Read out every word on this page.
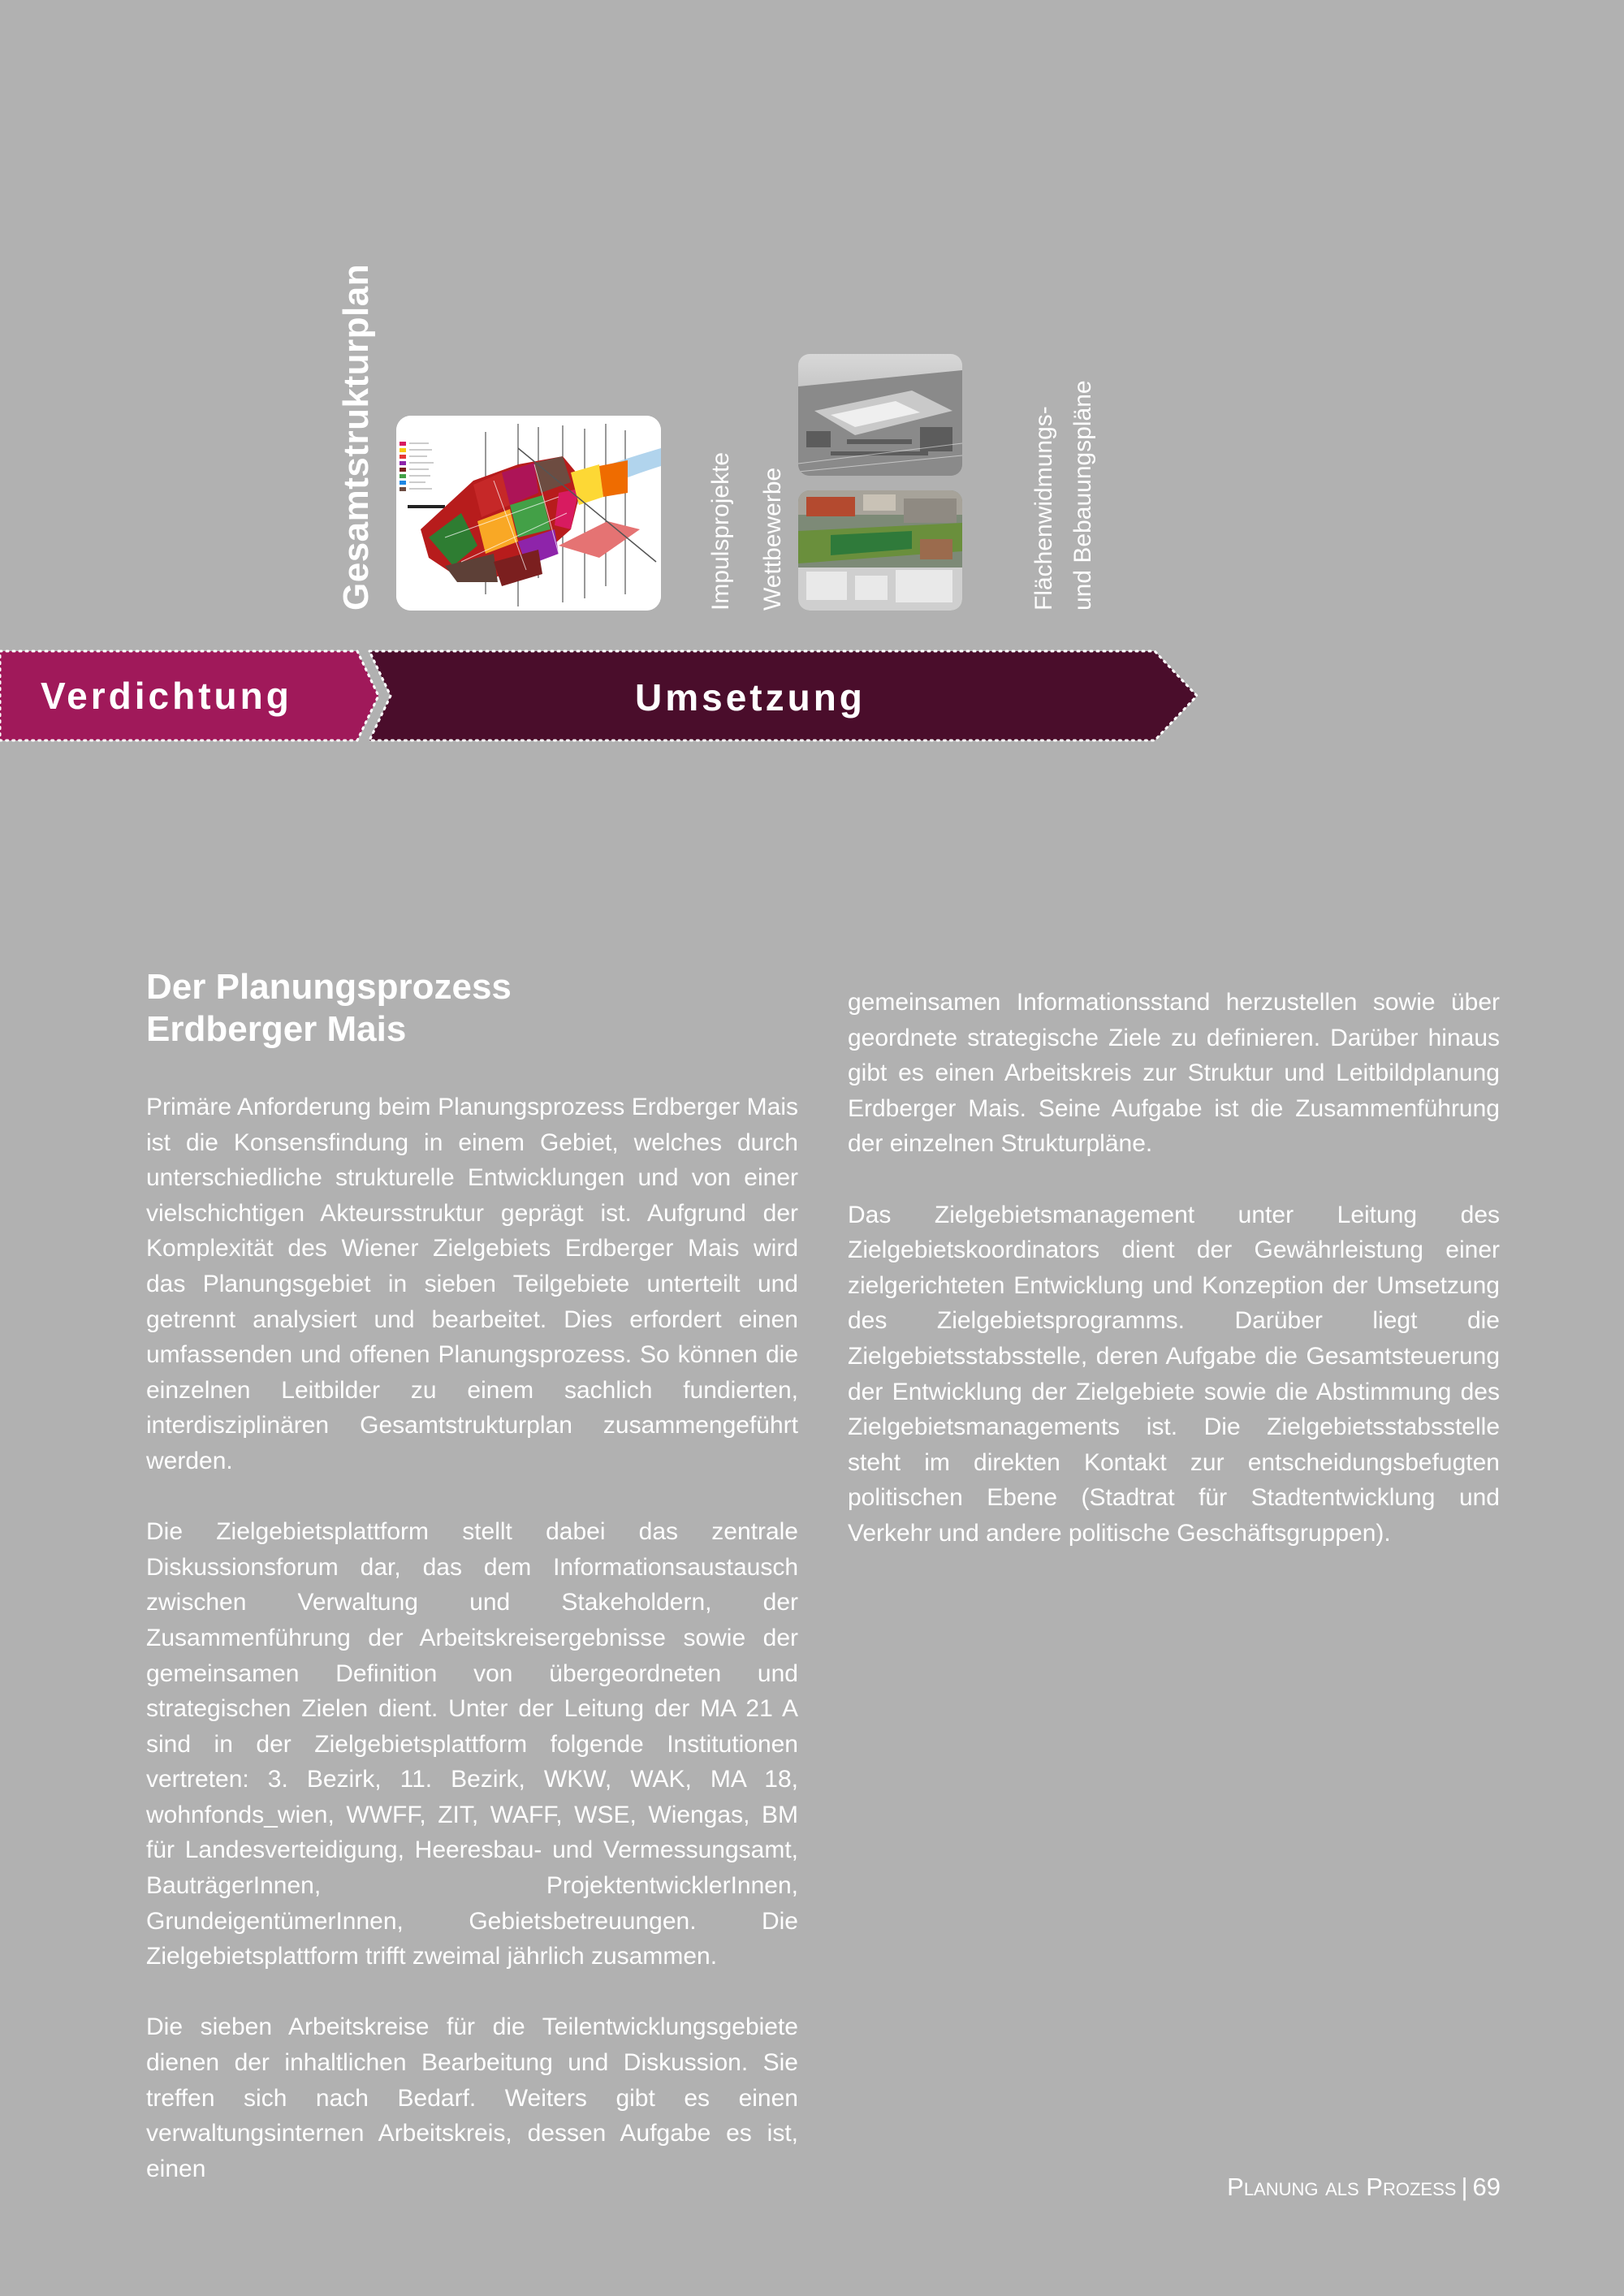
Gesamtstrukturplan	Impulsprojekte Wettbewerbe	Flächenwidmungs- und Bebauungspläne
Verdichtung	Umsetzung
Der Planungsprozess
Erdberger Mais

Primäre Anforderung beim Planungsprozess Erdberger Mais ist die Konsensfindung in einem Gebiet, welches durch unterschiedliche strukturelle Entwicklungen und von einer vielschichtigen Akteursstruktur geprägt ist. Aufgrund der Komplexität des Wiener Zielgebiets Erdberger Mais wird das Planungsgebiet in sieben Teilgebiete unterteilt und getrennt analysiert und bearbeitet. Dies erfordert einen umfassenden und offenen Planungsprozess. So können die einzelnen Leitbilder zu einem sachlich fundierten, interdisziplinären Gesamtstrukturplan zusammengeführt werden.

Die Zielgebietsplattform stellt dabei das zentrale Diskussionsforum dar, das dem Informationsaustausch zwischen Verwaltung und Stakeholdern, der Zusammenführung der Arbeitskreisergebnisse sowie der gemeinsamen Definition von übergeordneten und strategischen Zielen dient. Unter der Leitung der MA 21 A sind in der Zielgebietsplattform folgende Institutionen vertreten: 3. Bezirk, 11. Bezirk, WKW, WAK, MA 18, wohnfonds_wien, WWFF, ZIT, WAFF, WSE, Wiengas, BM für Landesverteidigung, Heeresbau- und Vermessungsamt, BauträgerInnen, ProjektentwicklerInnen, GrundeigentümerInnen, Gebietsbetreuungen. Die Zielgebietsplattform trifft zweimal jährlich zusammen.

Die sieben Arbeitskreise für die Teilentwicklungsgebiete dienen der inhaltlichen Bearbeitung und Diskussion. Sie treffen sich nach Bedarf. Weiters gibt es einen verwaltungsinternen Arbeitskreis, dessen Aufgabe es ist, einen

gemeinsamen Informationsstand herzustellen sowie über geordnete strategische Ziele zu definieren. Darüber hinaus gibt es einen Arbeitskreis zur Struktur und Leitbildplanung Erdberger Mais. Seine Aufgabe ist die Zusammenführung der einzelnen Strukturpläne.

Das Zielgebietsmanagement unter Leitung des Zielgebietskoordinators dient der Gewährleistung einer zielgerichteten Entwicklung und Konzeption der Umsetzung des Zielgebietsprogramms. Darüber liegt die Zielgebietsstabsstelle, deren Aufgabe die Gesamtsteuerung der Entwicklung der Zielgebiete sowie die Abstimmung des Zielgebietsmanagements ist. Die Zielgebietsstabsstelle steht im direkten Kontakt zur entscheidungsbefugten politischen Ebene (Stadtrat für Stadtentwicklung und Verkehr und andere politische Geschäftsgruppen).

Planung als Prozess | 69
